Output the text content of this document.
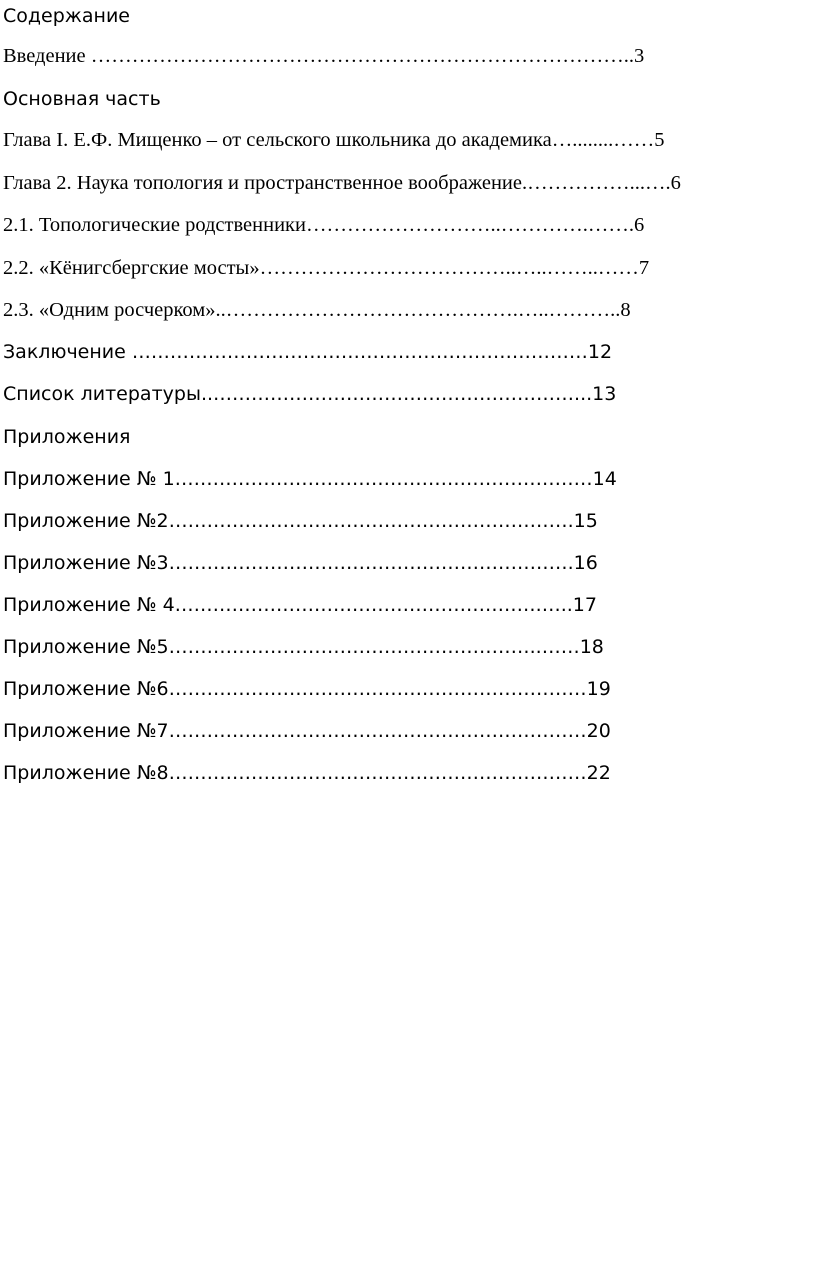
Содержание
Введение ……………………………………………………………………..3
Основная часть
Глава I. Е.Ф. Мищенко – от сельского школьника до академика…........……5
Глава 2. Наука топология и пространственное воображение.……………...….6
2.1. Топологические родственники………………………..………….…….6
2.2. «Кёнигсбергские мосты»………………………………..…..……..……7
2.3. «Одним росчерком»..…………………………………….…..………..8
Заключение ………………………………………………………………12
Список литературы..…………………………………………………...13
Приложения
Приложение № 1…………………………………………………………14
Приложение №2……………………………………………………….15
Приложение №3……………………………………………………….16
Приложение № 4………………………………………………….…..17
Приложение №5…………………………………………………..……18
Приложение №6…………………………………………………………19
Приложение №7…………………………………………………………20
Приложение №8…………………………………………………………22
